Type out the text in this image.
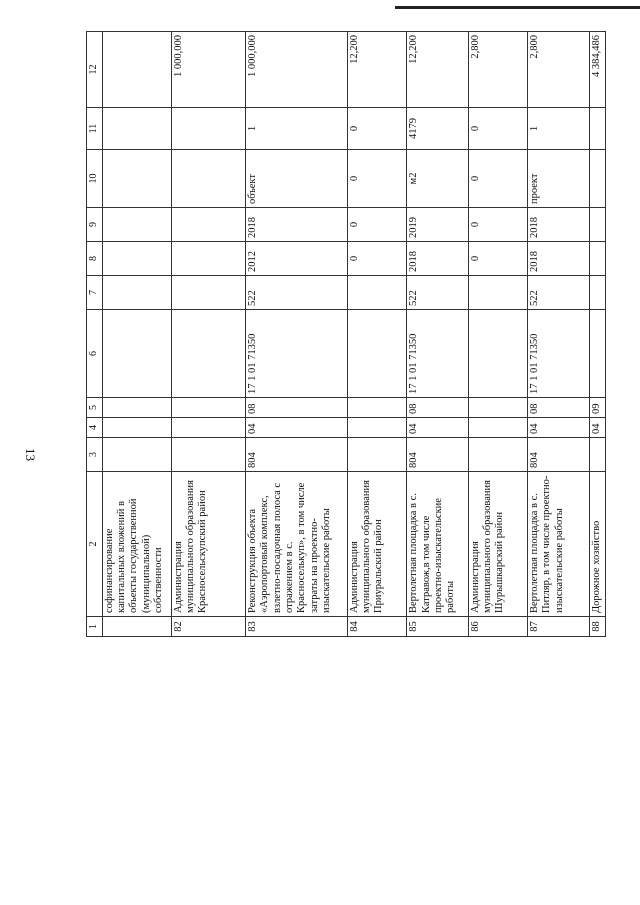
13
1	2	3	4	5	6	7	8	9	10	11	12
	софинансирование капитальных вложений в объекты государственной (муниципальной) собственности										
82	Администрация муниципального образования Красносельскупский район										1 000,000
83	Реконструкция объекта «Аэропортовый комплекс, взлетно-посадочная полоса с отражением в с. Красноселькуп», в том числе затраты на проектно-изыскательские работы	804	04	08	17 1 01 71350	522	2012	2018	объект	1	1 000,000
84	Администрация муниципального образования Приуральский район						0	0	0	0	12,200
85	Вертолетная площадка в с. Катравож,в том числе проектно-изыскательские работы	804	04	08	17 1 01 71350	522	2018	2019	м2	4179	12,200
86	Администрация муниципального образования Шурышкарский район						0	0	0	0	2,800
87	Вертолетная площадка в с. Питляр, в том числе проектно-изыскательские работы	804	04	08	17 1 01 71350	522	2018	2018	проект	1	2,800
88	Дорожное хозяйство		04	09							4 384,486
